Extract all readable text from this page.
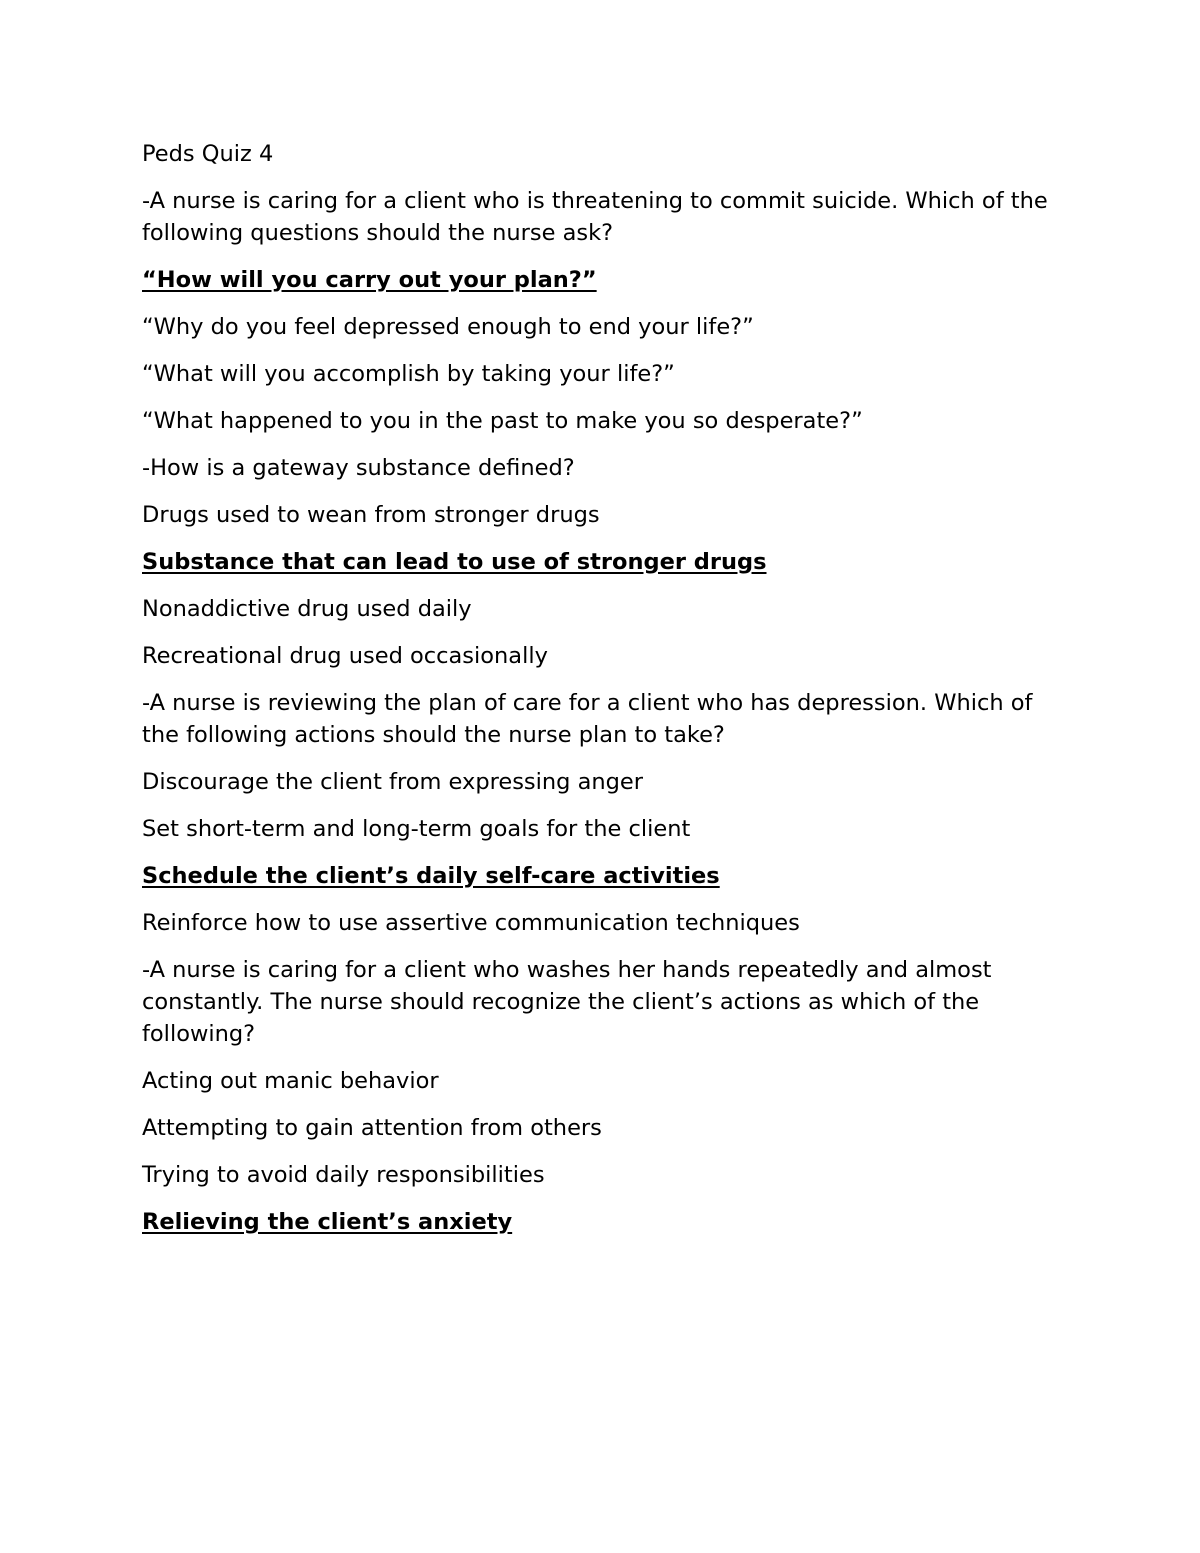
Peds Quiz 4

-A nurse is caring for a client who is threatening to commit suicide. Which of the following questions should the nurse ask?

“How will you carry out your plan?”

“Why do you feel depressed enough to end your life?”

“What will you accomplish by taking your life?”

“What happened to you in the past to make you so desperate?”

-How is a gateway substance defined?

Drugs used to wean from stronger drugs

Substance that can lead to use of stronger drugs

Nonaddictive drug used daily

Recreational drug used occasionally

-A nurse is reviewing the plan of care for a client who has depression. Which of the following actions should the nurse plan to take?

Discourage the client from expressing anger

Set short-term and long-term goals for the client

Schedule the client’s daily self-care activities

Reinforce how to use assertive communication techniques

-A nurse is caring for a client who washes her hands repeatedly and almost constantly. The nurse should recognize the client’s actions as which of the following?

Acting out manic behavior

Attempting to gain attention from others

Trying to avoid daily responsibilities

Relieving the client’s anxiety
